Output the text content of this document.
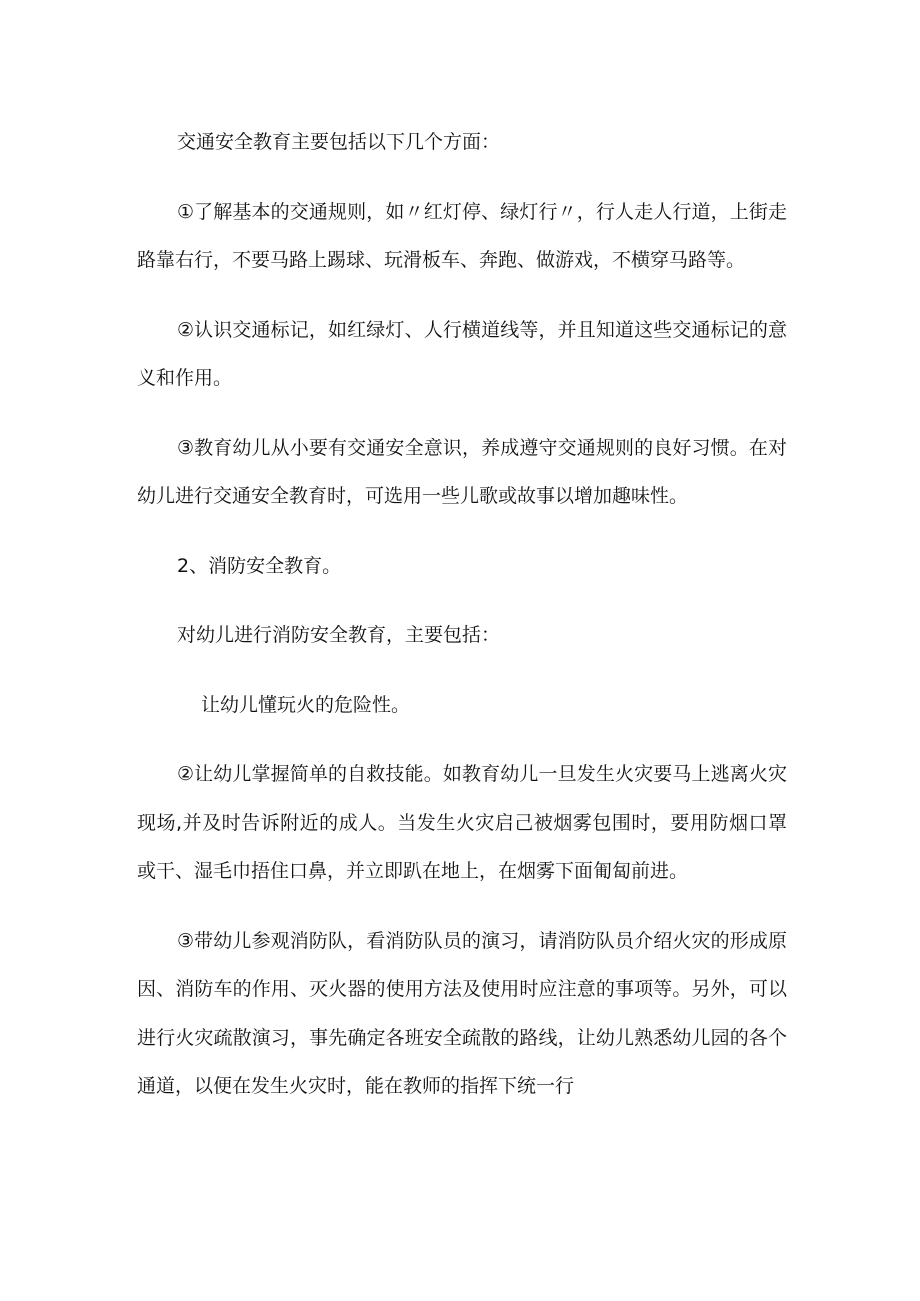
交通安全教育主要包括以下几个方面：

①了解基本的交通规则，如〃红灯停、绿灯行〃，行人走人行道，上街走路靠右行，不要马路上踢球、玩滑板车、奔跑、做游戏，不横穿马路等。

②认识交通标记，如红绿灯、人行横道线等，并且知道这些交通标记的意义和作用。

③教育幼儿从小要有交通安全意识，养成遵守交通规则的良好习惯。在对幼儿进行交通安全教育时，可选用一些儿歌或故事以增加趣味性。

2、消防安全教育。

对幼儿进行消防安全教育，主要包括：

让幼儿懂玩火的危险性。

②让幼儿掌握简单的自救技能。如教育幼儿一旦发生火灾要马上逃离火灾现场,并及时告诉附近的成人。当发生火灾启己被烟雾包围时，要用防烟口罩或干、湿毛巾捂住口鼻，并立即趴在地上，在烟雾下面匍匐前进。

③带幼儿参观消防队，看消防队员的演习，请消防队员介绍火灾的形成原因、消防车的作用、灭火器的使用方法及使用时应注意的事项等。另外，可以进行火灾疏散演习，事先确定各班安全疏散的路线，让幼儿熟悉幼儿园的各个通道，以便在发生火灾时，能在教师的指挥下统一行
